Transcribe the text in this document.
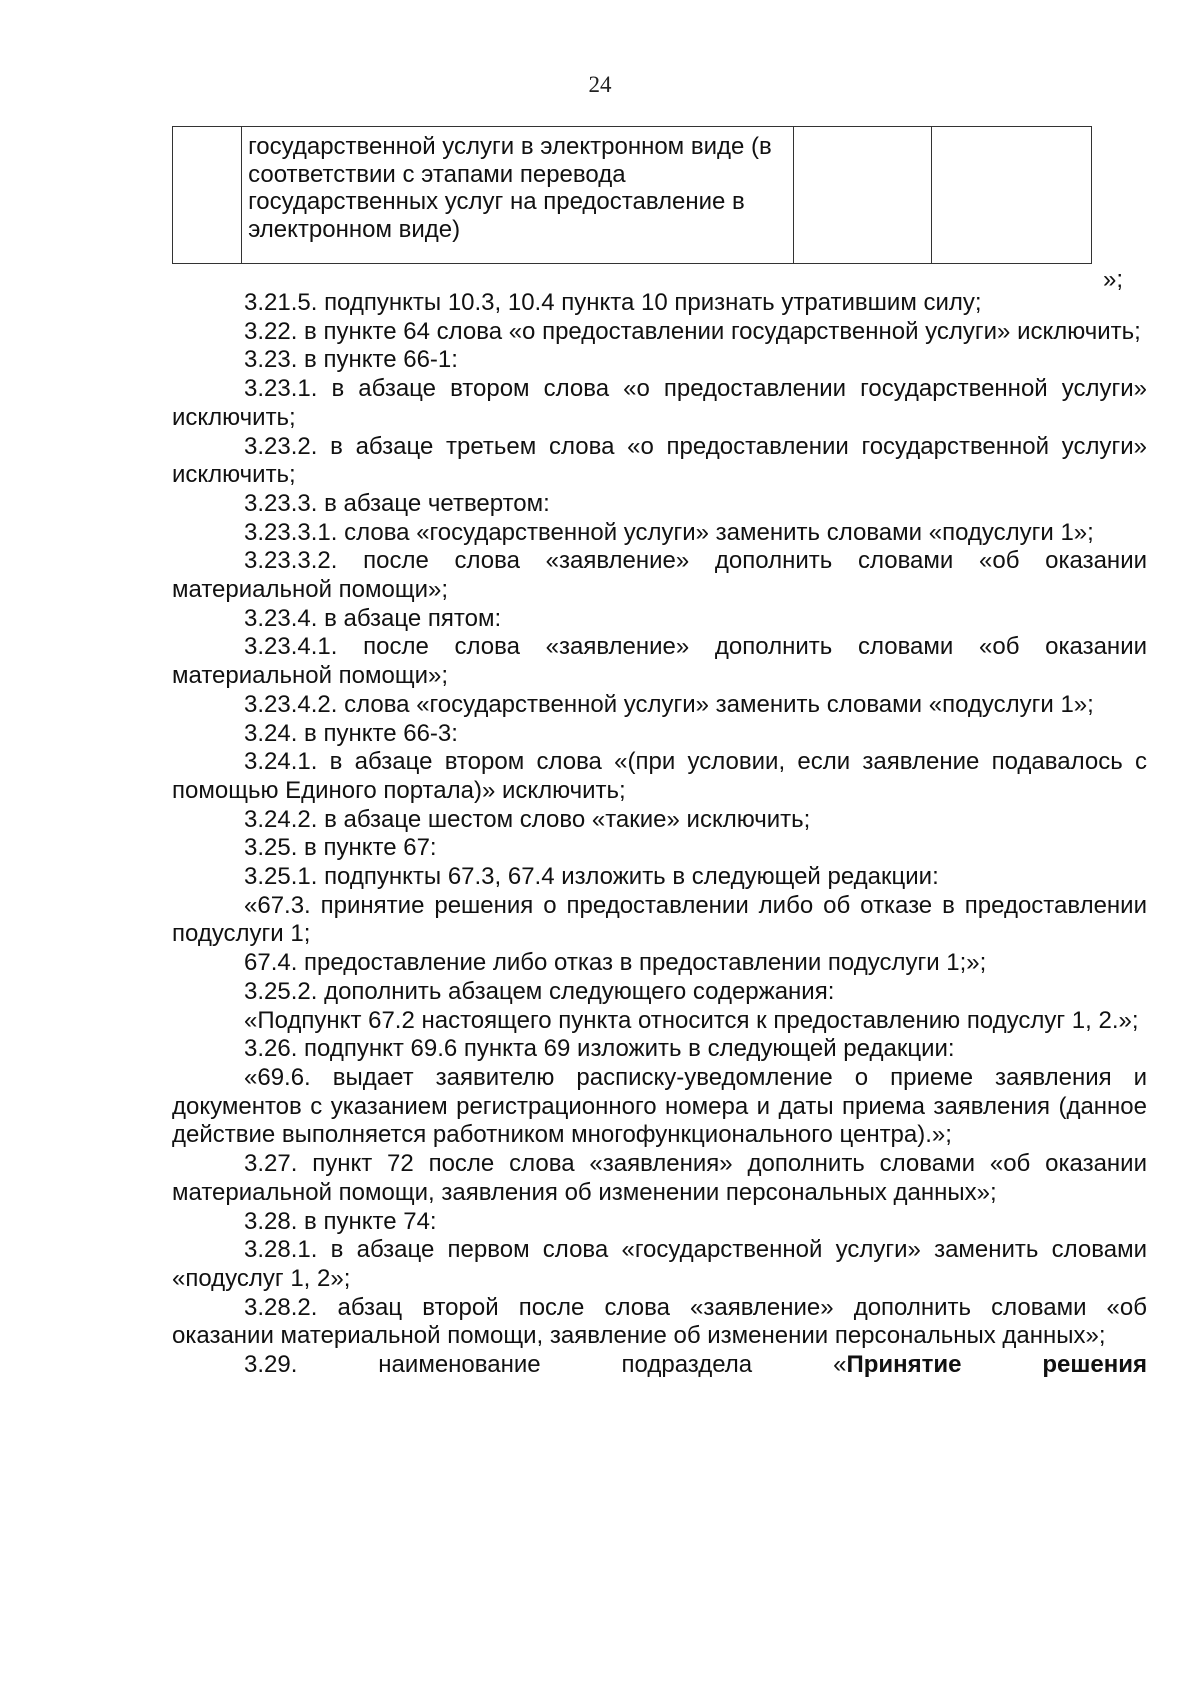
24
	государственной услуги в электронном виде (в соответствии с этапами перевода государственных услуг на предоставление в электронном виде)		
»;

3.21.5. подпункты 10.3, 10.4 пункта 10 признать утратившим силу;

3.22. в пункте 64 слова «о предоставлении государственной услуги» исключить;

3.23. в пункте 66-1:

3.23.1. в абзаце втором слова «о предоставлении государственной услуги» исключить;

3.23.2. в абзаце третьем слова «о предоставлении государственной услуги» исключить;

3.23.3. в абзаце четвертом:

3.23.3.1. слова «государственной услуги» заменить словами «подуслуги 1»;

3.23.3.2. после слова «заявление» дополнить словами «об оказании материальной помощи»;

3.23.4. в абзаце пятом:

3.23.4.1. после слова «заявление» дополнить словами «об оказании материальной помощи»;

3.23.4.2. слова «государственной услуги» заменить словами «подуслуги 1»;

3.24. в пункте 66-3:

3.24.1. в абзаце втором слова «(при условии, если заявление подавалось с помощью Единого портала)» исключить;

3.24.2. в абзаце шестом слово «такие» исключить;

3.25. в пункте 67:

3.25.1. подпункты 67.3, 67.4 изложить в следующей редакции:

«67.3. принятие решения о предоставлении либо об отказе в предоставлении подуслуги 1;

67.4. предоставление либо отказ в предоставлении подуслуги 1;»;

3.25.2. дополнить абзацем следующего содержания:

«Подпункт 67.2 настоящего пункта относится к предоставлению подуслуг 1, 2.»;

3.26. подпункт 69.6 пункта 69 изложить в следующей редакции:

«69.6. выдает заявителю расписку-уведомление о приеме заявления и документов с указанием регистрационного номера и даты приема заявления (данное действие выполняется работником многофункционального центра).»;

3.27. пункт 72 после слова «заявления» дополнить словами «об оказании материальной помощи, заявления об изменении персональных данных»;

3.28. в пункте 74:

3.28.1. в абзаце первом слова «государственной услуги» заменить словами «подуслуг 1, 2»;

3.28.2. абзац второй после слова «заявление» дополнить словами «об оказании материальной помощи, заявление об изменении персональных данных»;

3.29. наименование подраздела «Принятие решения
